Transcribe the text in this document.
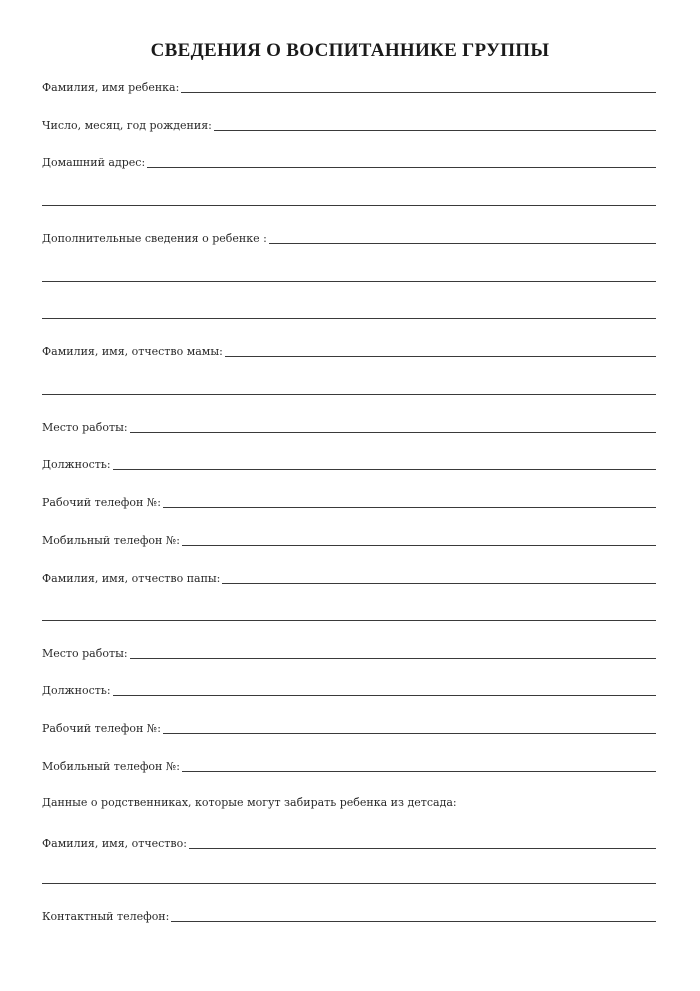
СВЕДЕНИЯ О ВОСПИТАННИКЕ ГРУППЫ
Фамилия, имя ребенка:
Число, месяц, год рождения:
Домашний адрес:
Дополнительные сведения о ребенке :
Фамилия, имя, отчество мамы:
Место работы:
Должность:
Рабочий телефон №:
Мобильный телефон №:
Фамилия, имя, отчество папы:
Место работы:
Должность:
Рабочий телефон №:
Мобильный телефон №:
Данные о родственниках, которые могут забирать ребенка из детсада:
Фамилия, имя, отчество:
Контактный телефон:
